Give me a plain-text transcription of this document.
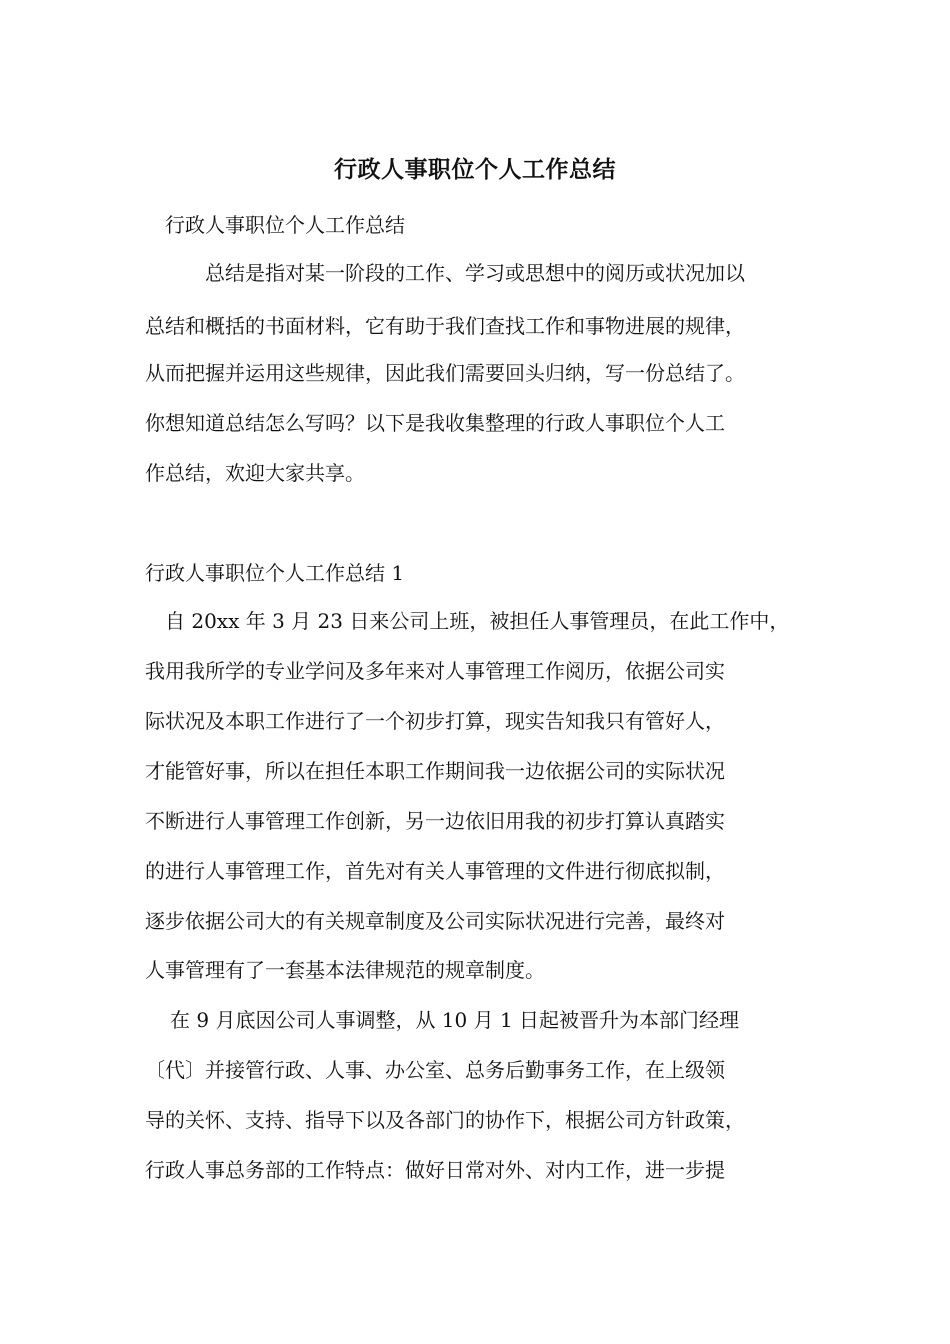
行政人事职位个人工作总结
行政人事职位个人工作总结
总结是指对某一阶段的工作、学习或思想中的阅历或状况加以
总结和概括的书面材料，它有助于我们查找工作和事物进展的规律，
从而把握并运用这些规律，因此我们需要回头归纳，写一份总结了。
你想知道总结怎么写吗？以下是我收集整理的行政人事职位个人工
作总结，欢迎大家共享。
行政人事职位个人工作总结 1
自 20xx 年 3 月 23 日来公司上班，被担任人事管理员，在此工作中，
我用我所学的专业学问及多年来对人事管理工作阅历，依据公司实
际状况及本职工作进行了一个初步打算，现实告知我只有管好人，
才能管好事，所以在担任本职工作期间我一边依据公司的实际状况
不断进行人事管理工作创新，另一边依旧用我的初步打算认真踏实
的进行人事管理工作，首先对有关人事管理的文件进行彻底拟制，
逐步依据公司大的有关规章制度及公司实际状况进行完善，最终对
人事管理有了一套基本法律规范的规章制度。
在 9 月底因公司人事调整，从 10 月 1 日起被晋升为本部门经理
〔代〕并接管行政、人事、办公室、总务后勤事务工作，在上级领
导的关怀、支持、指导下以及各部门的协作下，根据公司方针政策，
行政人事总务部的工作特点：做好日常对外、对内工作，进一步提
